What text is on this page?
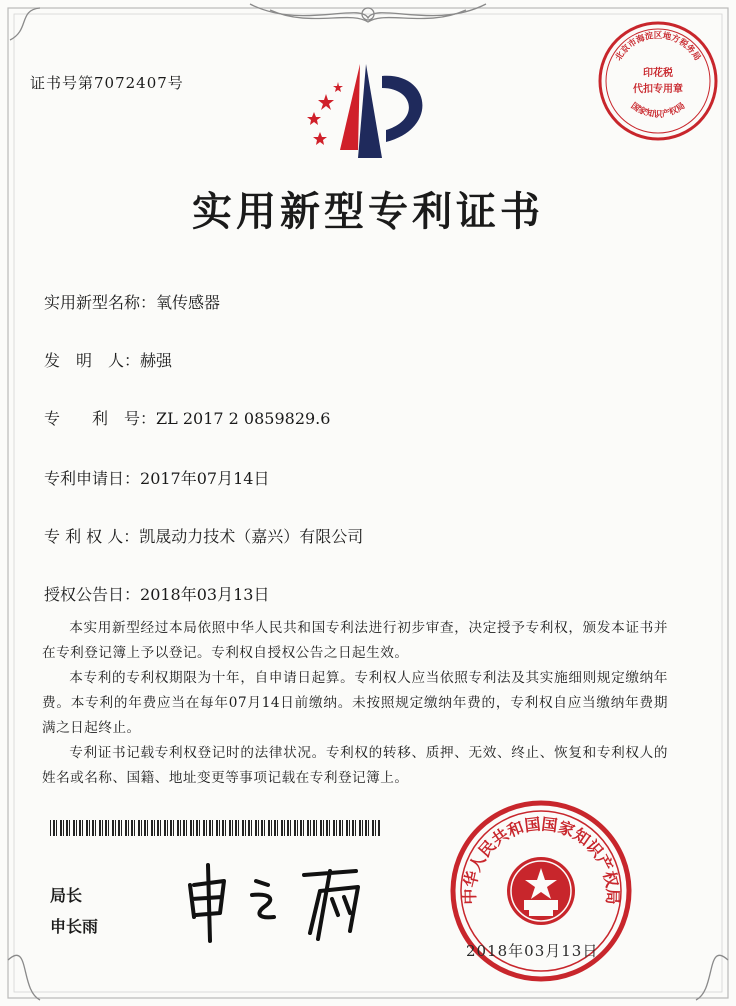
证书号第7072407号
实用新型专利证书
实用新型名称：氧传感器
发　明　人：赫强
专　　利　号：ZL 2017 2 0859829.6
专利申请日：2017年07月14日
专 利 权 人：凯晟动力技术（嘉兴）有限公司
授权公告日：2018年03月13日

本实用新型经过本局依照中华人民共和国专利法进行初步审查，决定授予专利权，颁发本证书并在专利登记簿上予以登记。专利权自授权公告之日起生效。

本专利的专利权期限为十年，自申请日起算。专利权人应当依照专利法及其实施细则规定缴纳年费。本专利的年费应当在每年07月14日前缴纳。未按照规定缴纳年费的，专利权自应当缴纳年费期满之日起终止。

专利证书记载专利权登记时的法律状况。专利权的转移、质押、无效、终止、恢复和专利权人的姓名或名称、国籍、地址变更等事项记载在专利登记簿上。

局长
申长雨
北京市海淀区地方税务局
印花税
代扣专用章
国家知识产权局
中华人民共和国国家知识产权局
2018年03月13日
